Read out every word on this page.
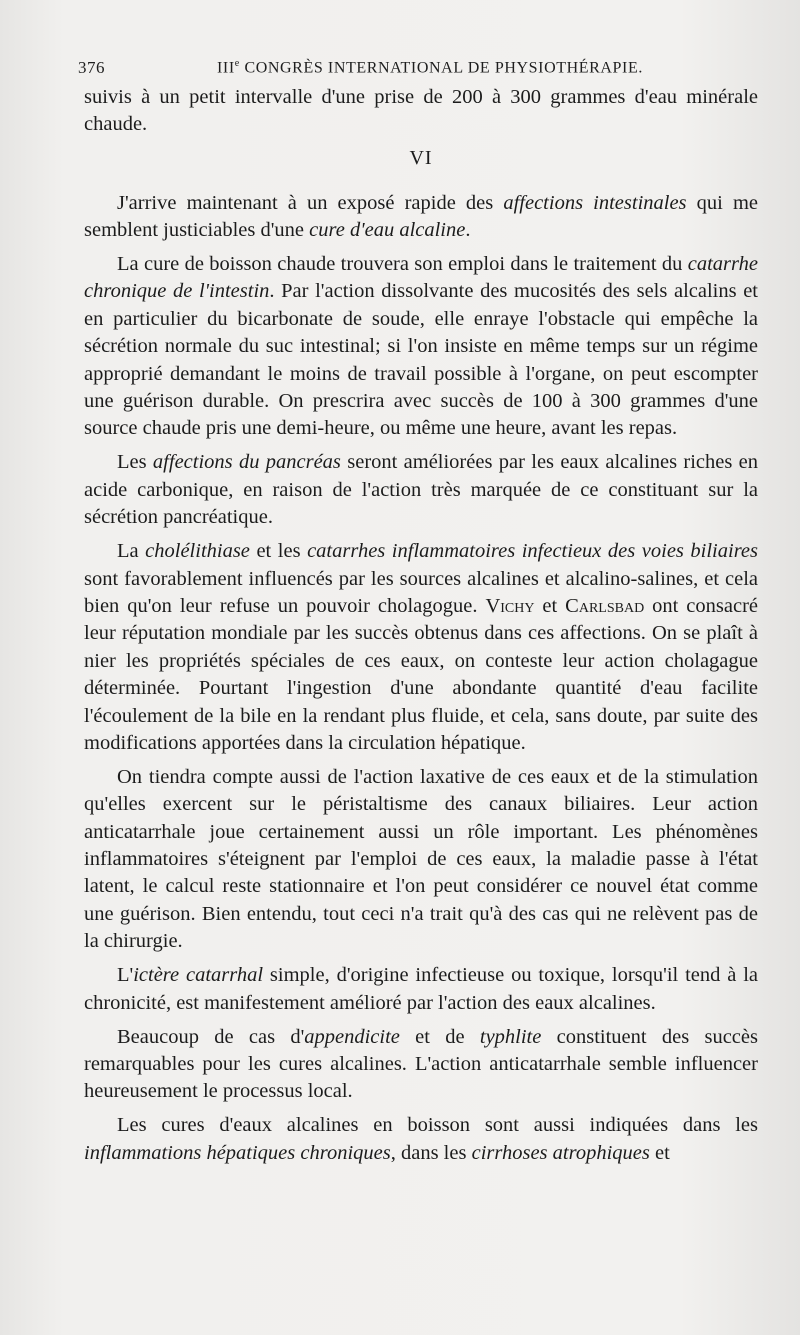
376	IIIe CONGRÈS INTERNATIONAL DE PHYSIOTHÉRAPIE.

suivis à un petit intervalle d'une prise de 200 à 300 grammes d'eau minérale chaude.

VI

J'arrive maintenant à un exposé rapide des affections intestinales qui me semblent justiciables d'une cure d'eau alcaline.

La cure de boisson chaude trouvera son emploi dans le traitement du catarrhe chronique de l'intestin. Par l'action dissolvante des mucosités des sels alcalins et en particulier du bicarbonate de soude, elle enraye l'obstacle qui empêche la sécrétion normale du suc intestinal; si l'on insiste en même temps sur un régime approprié demandant le moins de travail possible à l'organe, on peut escompter une guérison durable. On prescrira avec succès de 100 à 300 grammes d'une source chaude pris une demi-heure, ou même une heure, avant les repas.

Les affections du pancréas seront améliorées par les eaux alcalines riches en acide carbonique, en raison de l'action très marquée de ce constituant sur la sécrétion pancréatique.

La cholélithiase et les catarrhes inflammatoires infectieux des voies biliaires sont favorablement influencés par les sources alcalines et alcalino-salines, et cela bien qu'on leur refuse un pouvoir cholagogue. Vichy et Carlsbad ont consacré leur réputation mondiale par les succès obtenus dans ces affections. On se plaît à nier les propriétés spéciales de ces eaux, on conteste leur action cholagague déterminée. Pourtant l'ingestion d'une abondante quantité d'eau facilite l'écoulement de la bile en la rendant plus fluide, et cela, sans doute, par suite des modifications apportées dans la circulation hépatique.

On tiendra compte aussi de l'action laxative de ces eaux et de la stimulation qu'elles exercent sur le péristaltisme des canaux biliaires. Leur action anticatarrhale joue certainement aussi un rôle important. Les phénomènes inflammatoires s'éteignent par l'emploi de ces eaux, la maladie passe à l'état latent, le calcul reste stationnaire et l'on peut considérer ce nouvel état comme une guérison. Bien entendu, tout ceci n'a trait qu'à des cas qui ne relèvent pas de la chirurgie.

L'ictère catarrhal simple, d'origine infectieuse ou toxique, lorsqu'il tend à la chronicité, est manifestement amélioré par l'action des eaux alcalines.

Beaucoup de cas d'appendicite et de typhlite constituent des succès remarquables pour les cures alcalines. L'action anticatarrhale semble influencer heureusement le processus local.

Les cures d'eaux alcalines en boisson sont aussi indiquées dans les inflammations hépatiques chroniques, dans les cirrhoses atrophiques et
